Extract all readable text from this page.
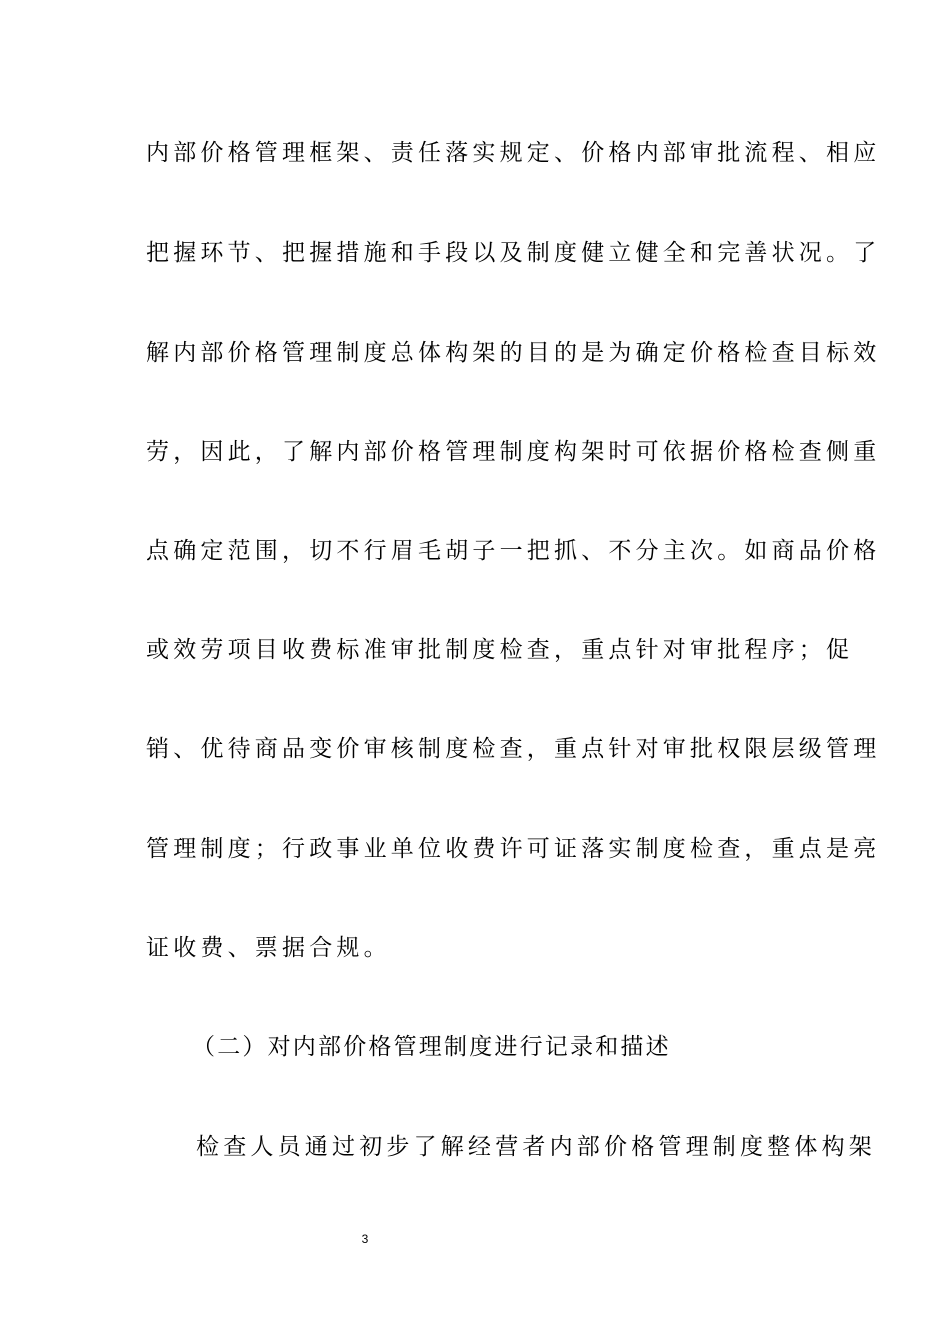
内部价格管理框架、责任落实规定、价格内部审批流程、相应
把握环节、把握措施和手段以及制度健立健全和完善状况。了
解内部价格管理制度总体构架的目的是为确定价格检查目标效
劳，因此，了解内部价格管理制度构架时可依据价格检查侧重
点确定范围，切不行眉毛胡子一把抓、不分主次。如商品价格
或效劳项目收费标准审批制度检查，重点针对审批程序；促
销、优待商品变价审核制度检查，重点针对审批权限层级管理
管理制度；行政事业单位收费许可证落实制度检查，重点是亮
证收费、票据合规。
（二）对内部价格管理制度进行记录和描述
检查人员通过初步了解经营者内部价格管理制度整体构架
3
